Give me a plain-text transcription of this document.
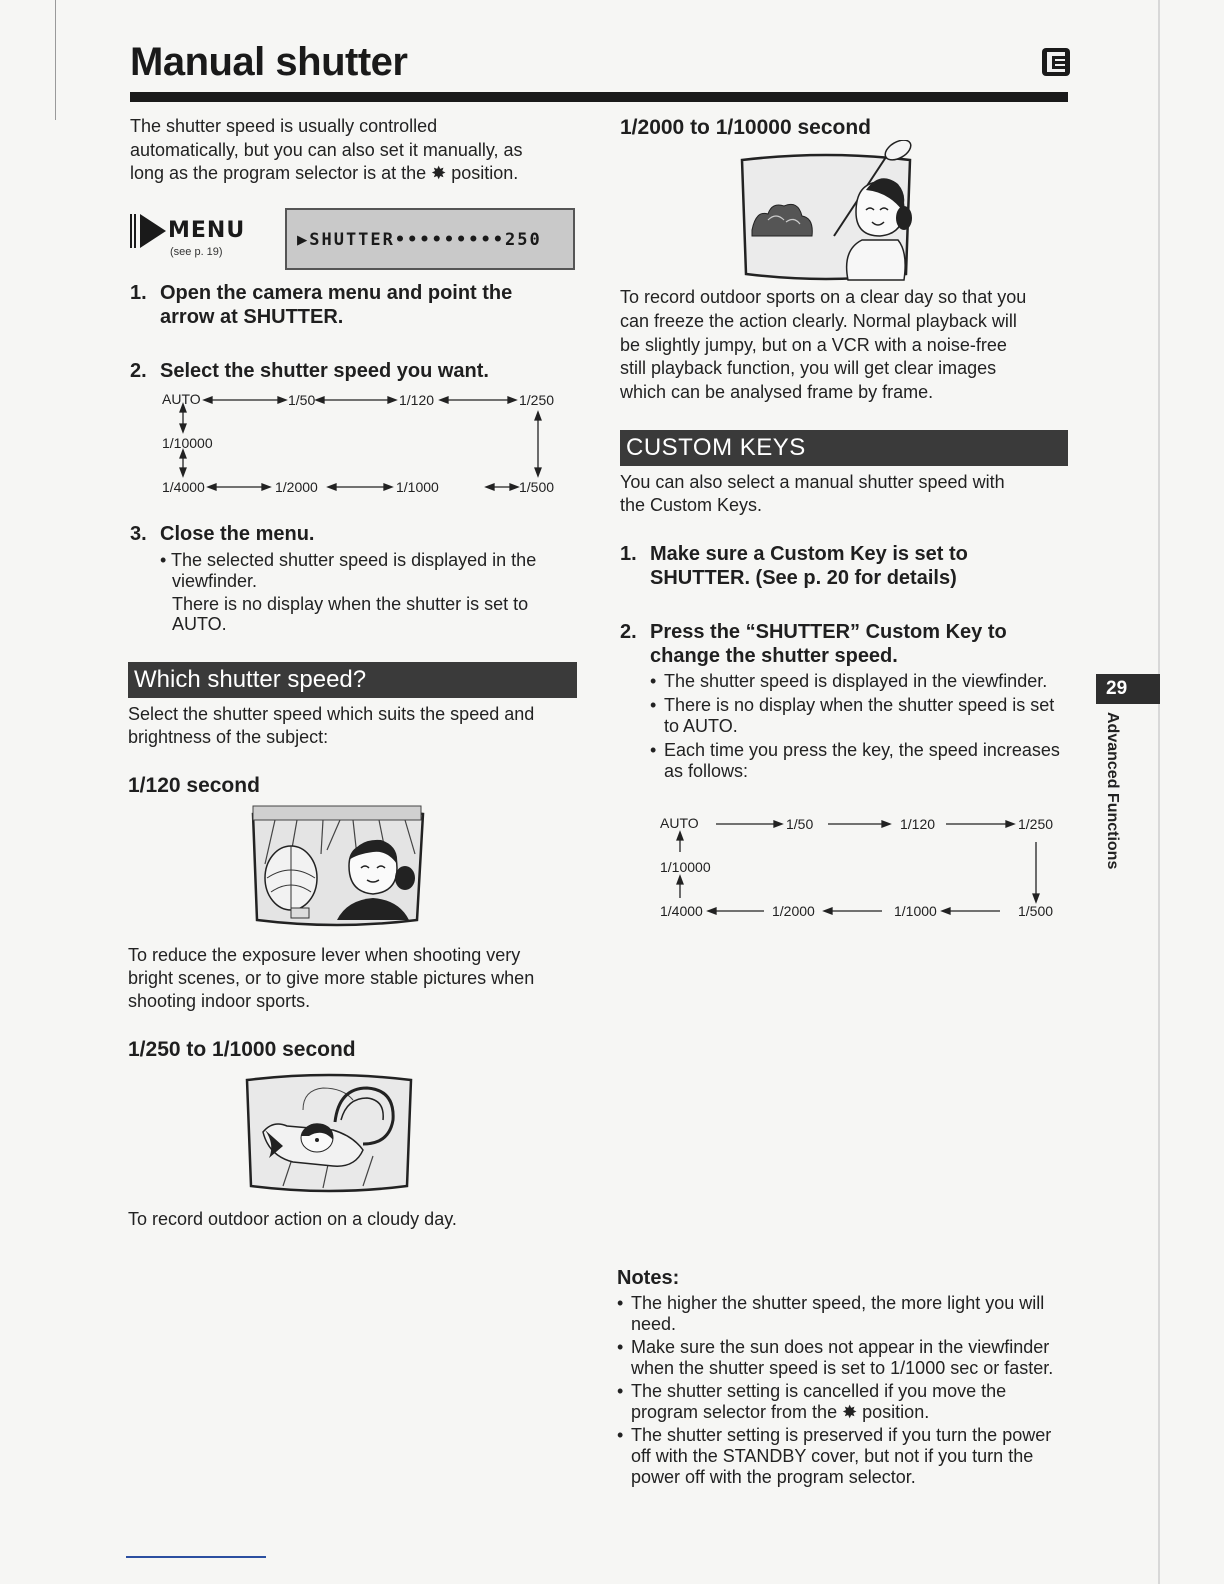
Manual shutter
The shutter speed is usually controlled
automatically, but you can also set it manually, as
long as the program selector is at the ✸ position.
MENU
(see p. 19)
▶SHUTTER•••••••••250
1. Open the camera menu and point the
arrow at SHUTTER.
2. Select the shutter speed you want.
AUTO	1/50	1/120	1/250
1/500
1/1000
1/2000
1/4000
1/10000
3. Close the menu.
• The selected shutter speed is displayed in the
viewfinder.
There is no display when the shutter is set to
AUTO.
Which shutter speed?
Select the shutter speed which suits the speed and
brightness of the subject:
1/120 second
To reduce the exposure lever when shooting very
bright scenes, or to give more stable pictures when
shooting indoor sports.
1/250 to 1/1000 second
To record outdoor action on a cloudy day.
1/2000 to 1/10000 second
To record outdoor sports on a clear day so that you
can freeze the action clearly. Normal playback will
be slightly jumpy, but on a VCR with a noise-free
still playback function, you will get clear images
which can be analysed frame by frame.
CUSTOM KEYS
You can also select a manual shutter speed with
the Custom Keys.
1. Make sure a Custom Key is set to
SHUTTER. (See p. 20 for details)
2. Press the “SHUTTER” Custom Key to
change the shutter speed.
• The shutter speed is displayed in the viewfinder.
• There is no display when the shutter speed is set to AUTO.
• Each time you press the key, the speed increases as follows:
AUTO	1/50	1/120	1/250
1/500
1/1000
1/2000
1/4000
1/10000
Notes:
• The higher the shutter speed, the more light you will need.
• Make sure the sun does not appear in the viewfinder when the shutter speed is set to 1/1000 sec or faster.
• The shutter setting is cancelled if you move the program selector from the ✸ position.
• The shutter setting is preserved if you turn the power off with the STANDBY cover, but not if you turn the power off with the program selector.
29
Advanced Functions
